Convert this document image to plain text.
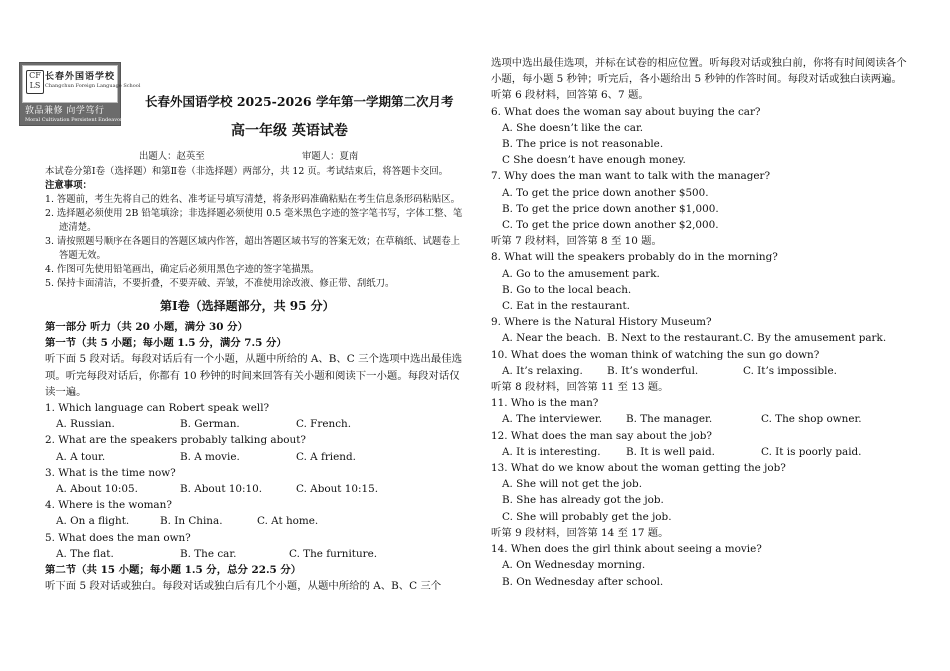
CF
LS
长春外国语学校
Changchun Foreign Language School
敦品兼修 向学笃行
Moral Cultivation Persistent Endeavor
长春外国语学校 2025-2026 学年第一学期第二次月考
高一年级 英语试卷
出题人：赵英至	审题人：夏南

本试卷分第Ⅰ卷（选择题）和第Ⅱ卷（非选择题）两部分，共 12 页。考试结束后，将答题卡交回。

注意事项：

1. 答题前，考生先将自己的姓名、准考证号填写清楚，将条形码准确粘贴在考生信息条形码粘贴区。

2. 选择题必须使用 2B 铅笔填涂；非选择题必须使用 0.5 毫米黑色字迹的签字笔书写，字体工整、笔迹清楚。

3. 请按照题号顺序在各题目的答题区域内作答，超出答题区域书写的答案无效；在草稿纸、试题卷上答题无效。

4. 作图可先使用铅笔画出，确定后必须用黑色字迹的签字笔描黑。

5. 保持卡面清洁，不要折叠，不要弄破、弄皱，不准使用涂改液、修正带、刮纸刀。

第Ⅰ卷（选择题部分，共 95 分）

第一部分 听力（共 20 小题，满分 30 分）

第一节（共 5 小题；每小题 1.5 分，满分 7.5 分）

听下面 5 段对话。每段对话后有一个小题，从题中所给的 A、B、C 三个选项中选出最佳选项。听完每段对话后，你都有 10 秒钟的时间来回答有关小题和阅读下一小题。每段对话仅读一遍。

1. Which language can Robert speak well?

A. Russian.	B. German.	C. French.

2. What are the speakers probably talking about?

A. A tour.	B. A movie.	C. A friend.

3. What is the time now?

A. About 10:05.	B. About 10:10.	C. About 10:15.

4. Where is the woman?

A. On a flight.	B. In China.	C. At home.

5. What does the man own?

A. The flat.	B. The car.	C. The furniture.

第二节（共 15 小题；每小题 1.5 分，总分 22.5 分）

听下面 5 段对话或独白。每段对话或独白后有几个小题，从题中所给的 A、B、C 三个

选项中选出最佳选项，并标在试卷的相应位置。听每段对话或独白前，你将有时间阅读各个小题，每小题 5 秒钟；听完后，各小题给出 5 秒钟的作答时间。每段对话或独白读两遍。

听第 6 段材料，回答第 6、7 题。

6. What does the woman say about buying the car?

A. She doesn’t like the car.

B. The price is not reasonable.

C She doesn’t have enough money.

7. Why does the man want to talk with the manager?

A. To get the price down another $500.

B. To get the price down another $1,000.

C. To get the price down another $2,000.

听第 7 段材料，回答第 8 至 10 题。

8. What will the speakers probably do in the morning?

A. Go to the amusement park.

B. Go to the local beach.

C. Eat in the restaurant.

9. Where is the Natural History Museum?

A. Near the beach. B. Next to the restaurant. C. By the amusement park.

10. What does the woman think of watching the sun go down?

A. It’s relaxing.	B. It’s wonderful.	C. It’s impossible.

听第 8 段材料，回答第 11 至 13 题。

11. Who is the man?

A. The interviewer.	B. The manager.	C. The shop owner.

12. What does the man say about the job?

A. It is interesting.	B. It is well paid.	C. It is poorly paid.

13. What do we know about the woman getting the job?

A. She will not get the job.

B. She has already got the job.

C. She will probably get the job.

听第 9 段材料，回答第 14 至 17 题。

14. When does the girl think about seeing a movie?

A. On Wednesday morning.

B. On Wednesday after school.
